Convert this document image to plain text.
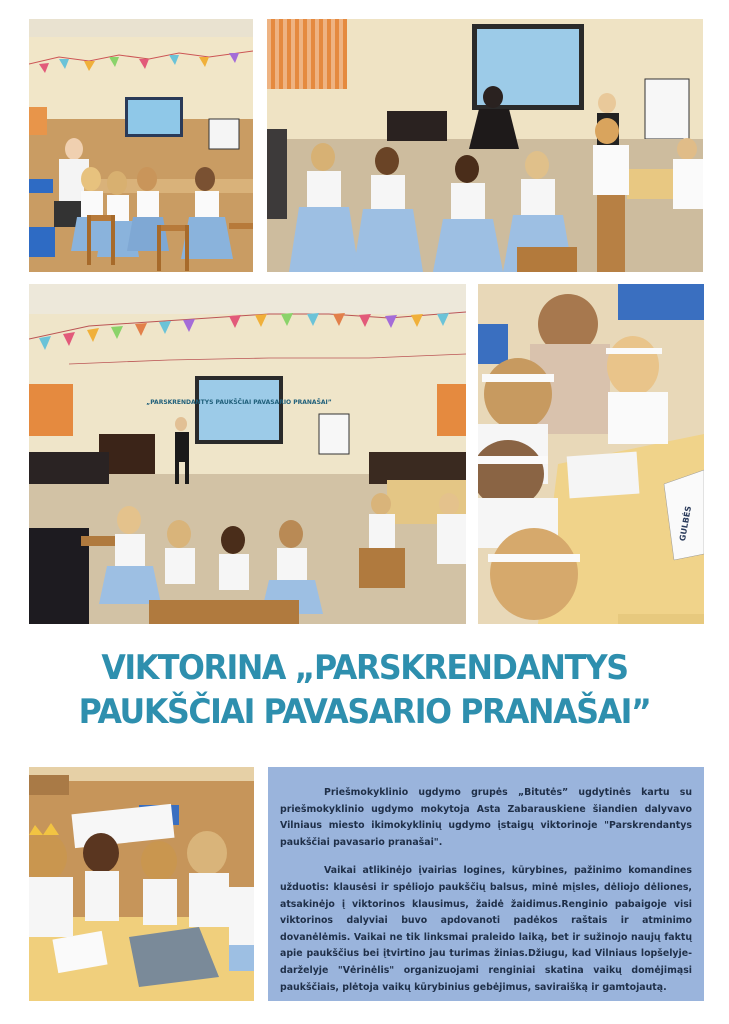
„PARSKRENDANTYS PAUKŠČIAI PAVASARIO PRANAŠAI”
GULBĖS
VIKTORINA „PARSKRENDANTYS
PAUKŠČIAI PAVASARIO PRANAŠAI”

Priešmokyklinio ugdymo grupės „Bitutės” ugdytinės kartu su priešmokyklinio ugdymo mokytoja Asta Zabarauskiene šiandien dalyvavo Vilniaus miesto ikimokyklinių ugdymo įstaigų viktorinoje "Parskrendantys paukščiai pavasario pranašai".

Vaikai atlikinėjo įvairias logines, kūrybines, pažinimo komandines užduotis: klausėsi ir spėliojo paukščių balsus, minė mįsles, dėliojo dėliones, atsakinėjo į viktorinos klausimus, žaidė žaidimus.Renginio pabaigoje visi viktorinos dalyviai buvo apdovanoti padėkos raštais ir atminimo dovanėlėmis. Vaikai ne tik linksmai praleido laiką, bet ir sužinojo naujų faktų apie paukščius bei įtvirtino jau turimas žinias.Džiugu, kad Vilniaus lopšelyje-darželyje "Vėrinėlis" organizuojami renginiai skatina vaikų domėjimąsi paukščiais, plėtoja vaikų kūrybinius gebėjimus, saviraišką ir gamtojautą.
